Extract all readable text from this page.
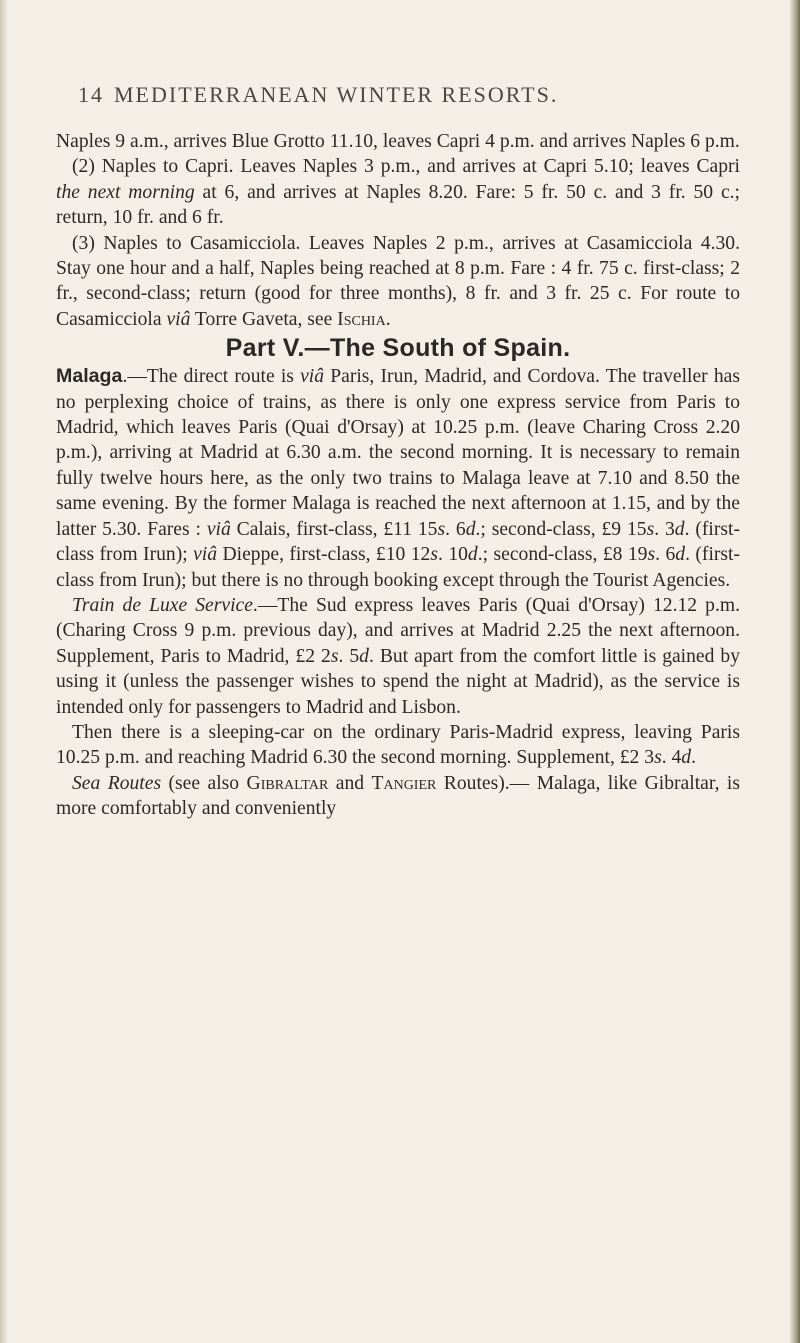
14 MEDITERRANEAN WINTER RESORTS.

Naples 9 a.m., arrives Blue Grotto 11.10, leaves Capri 4 p.m. and arrives Naples 6 p.m.

(2) Naples to Capri. Leaves Naples 3 p.m., and arrives at Capri 5.10; leaves Capri the next morning at 6, and arrives at Naples 8.20. Fare: 5 fr. 50 c. and 3 fr. 50 c.; return, 10 fr. and 6 fr.

(3) Naples to Casamicciola. Leaves Naples 2 p.m., arrives at Casamicciola 4.30. Stay one hour and a half, Naples being reached at 8 p.m. Fare : 4 fr. 75 c. first-class; 2 fr., second-class; return (good for three months), 8 fr. and 3 fr. 25 c. For route to Casamicciola viâ Torre Gaveta, see Ischia.

Part V.—The South of Spain.

Malaga.—The direct route is viâ Paris, Irun, Madrid, and Cordova. The traveller has no perplexing choice of trains, as there is only one express service from Paris to Madrid, which leaves Paris (Quai d'Orsay) at 10.25 p.m. (leave Charing Cross 2.20 p.m.), arriving at Madrid at 6.30 a.m. the second morning. It is necessary to remain fully twelve hours here, as the only two trains to Malaga leave at 7.10 and 8.50 the same evening. By the former Malaga is reached the next afternoon at 1.15, and by the latter 5.30. Fares : viâ Calais, first-class, £11 15s. 6d.; second-class, £9 15s. 3d. (first-class from Irun); viâ Dieppe, first-class, £10 12s. 10d.; second-class, £8 19s. 6d. (first-class from Irun); but there is no through booking except through the Tourist Agencies.

Train de Luxe Service.—The Sud express leaves Paris (Quai d'Orsay) 12.12 p.m. (Charing Cross 9 p.m. previous day), and arrives at Madrid 2.25 the next afternoon. Supplement, Paris to Madrid, £2 2s. 5d. But apart from the comfort little is gained by using it (unless the passenger wishes to spend the night at Madrid), as the service is intended only for passengers to Madrid and Lisbon.

Then there is a sleeping-car on the ordinary Paris-Madrid express, leaving Paris 10.25 p.m. and reaching Madrid 6.30 the second morning. Supplement, £2 3s. 4d.

Sea Routes (see also Gibraltar and Tangier Routes).— Malaga, like Gibraltar, is more comfortably and conveniently
